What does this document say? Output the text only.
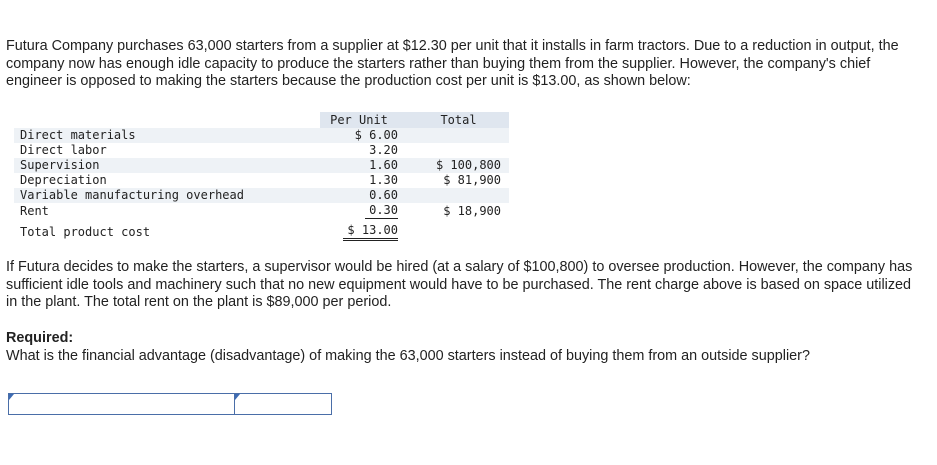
Futura Company purchases 63,000 starters from a supplier at $12.30 per unit that it installs in farm tractors. Due to a reduction in output, the company now has enough idle capacity to produce the starters rather than buying them from the supplier. However, the company's chief engineer is opposed to making the starters because the production cost per unit is $13.00, as shown below:

	Per Unit		Total
Direct materials	$ 6.00		
Direct labor	3.20		
Supervision	1.60		$ 100,800
Depreciation	1.30		$ 81,900
Variable manufacturing overhead	0.60		
Rent	0.30		$ 18,900
Total product cost	$ 13.00		

If Futura decides to make the starters, a supervisor would be hired (at a salary of $100,800) to oversee production. However, the company has sufficient idle tools and machinery such that no new equipment would have to be purchased. The rent charge above is based on space utilized in the plant. The total rent on the plant is $89,000 per period.

Required:

What is the financial advantage (disadvantage) of making the 63,000 starters instead of buying them from an outside supplier?
